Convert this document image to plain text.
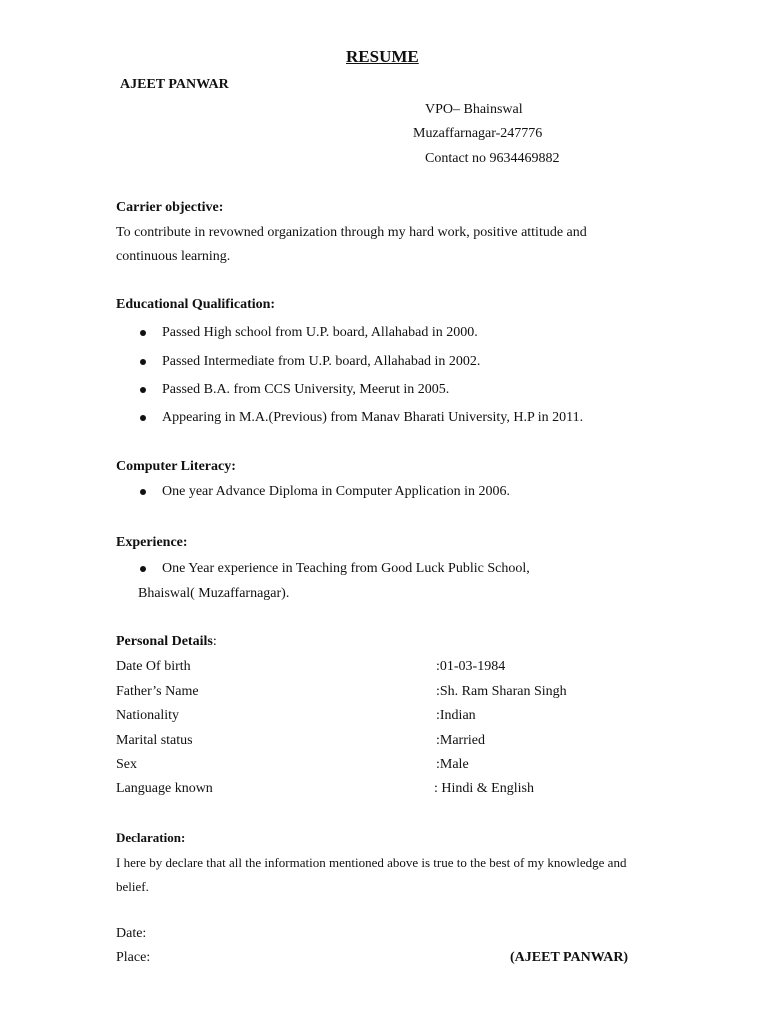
RESUME
AJEET PANWAR
VPO– Bhainswal
Muzaffarnagar-247776
Contact no 9634469882
Carrier objective:
To contribute in revowned organization through my hard work, positive attitude and
continuous learning.
Educational Qualification:
Passed High school from U.P. board, Allahabad in 2000.
Passed Intermediate from U.P. board, Allahabad in 2002.
Passed B.A. from CCS University, Meerut in 2005.
Appearing in M.A.(Previous) from Manav Bharati University, H.P in 2011.
Computer Literacy:
One year Advance Diploma in Computer Application in 2006.
Experience:
One Year experience in Teaching from Good Luck Public School,
Bhaiswal( Muzaffarnagar).
Personal Details:
Date Of birth	:01-03-1984
Father’s Name	:Sh. Ram Sharan Singh
Nationality	:Indian
Marital status	:Married
Sex	:Male
Language known	: Hindi & English
Declaration:
I here by declare that all the information mentioned above is true to the best of my knowledge and
belief.
Date:
Place:	(AJEET PANWAR)
